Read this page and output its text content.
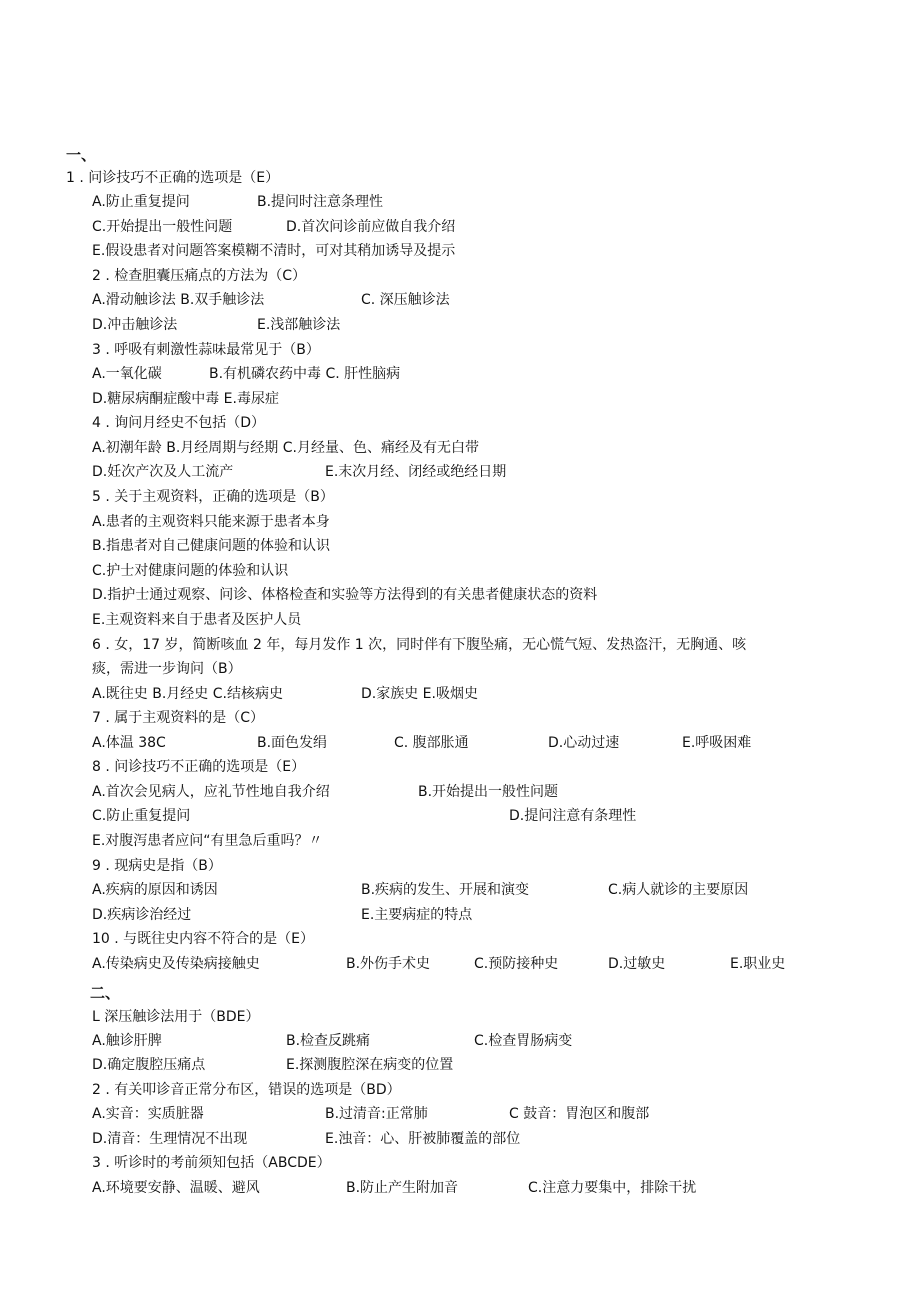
一、
1 . 问诊技巧不正确的选项是（E）
A.防止重复提问	B.提问时注意条理性
C.开始提出一般性问题	D.首次问诊前应做自我介绍
E.假设患者对问题答案模糊不清时，可对其稍加诱导及提示
2 . 检查胆囊压痛点的方法为（C）
A.滑动触诊法 B.双手触诊法	C. 深压触诊法
D.冲击触诊法	E.浅部触诊法
3 . 呼吸有刺激性蒜味最常见于（B）
A.一氧化碳	B.有机磷农药中毒 C. 肝性脑病
D.糖尿病酮症酸中毒 E.毒尿症
4 . 询问月经史不包括（D）
A.初潮年龄 B.月经周期与经期 C.月经量、色、痛经及有无白带
D.妊次产次及人工流产	E.末次月经、闭经或绝经日期
5 . 关于主观资料，正确的选项是（B）
A.患者的主观资料只能来源于患者本身
B.指患者对自己健康问题的体验和认识
C.护士对健康问题的体验和认识
D.指护士通过观察、问诊、体格检查和实验等方法得到的有关患者健康状态的资料
E.主观资料来自于患者及医护人员
6 . 女，17 岁，简断咳血 2 年，每月发作 1 次，同时伴有下腹坠痛，无心慌气短、发热盗汗，无胸通、咳
痰，需进一步询问（B）
A.既往史 B.月经史 C.结核病史	D.家族史 E.吸烟史
7 . 属于主观资料的是（C）
A.体温 38C	B.面色发绢	C. 腹部胀通	D.心动过速	E.呼吸困难
8 . 问诊技巧不正确的选项是（E）
A.首次会见病人，应礼节性地自我介绍	B.开始提出一般性问题
C.防止重复提问	D.提问注意有条理性
E.对腹泻患者应问“有里急后重吗？〃
9 . 现病史是指（B）
A.疾病的原因和诱因	B.疾病的发生、开展和演变	C.病人就诊的主要原因
D.疾病诊治经过	E.主要病症的特点
10 . 与既往史内容不符合的是（E）
A.传染病史及传染病接触史	B.外伤手术史	C.预防接种史	D.过敏史	E.职业史
二、
L 深压触诊法用于（BDE）
A.触诊肝脾	B.检查反跳痛	C.检查胃肠病变
D.确定腹腔压痛点	E.探测腹腔深在病变的位置
2 . 有关叩诊音正常分布区，错误的选项是（BD）
A.实音：实质脏器	B.过清音:正常肺	C 鼓音：胃泡区和腹部
D.清音：生理情况不出现	E.浊音：心、肝被肺覆盖的部位
3 . 听诊时的考前须知包括（ABCDE）
A.环境要安静、温暖、避风	B.防止产生附加音	C.注意力要集中，排除干扰
